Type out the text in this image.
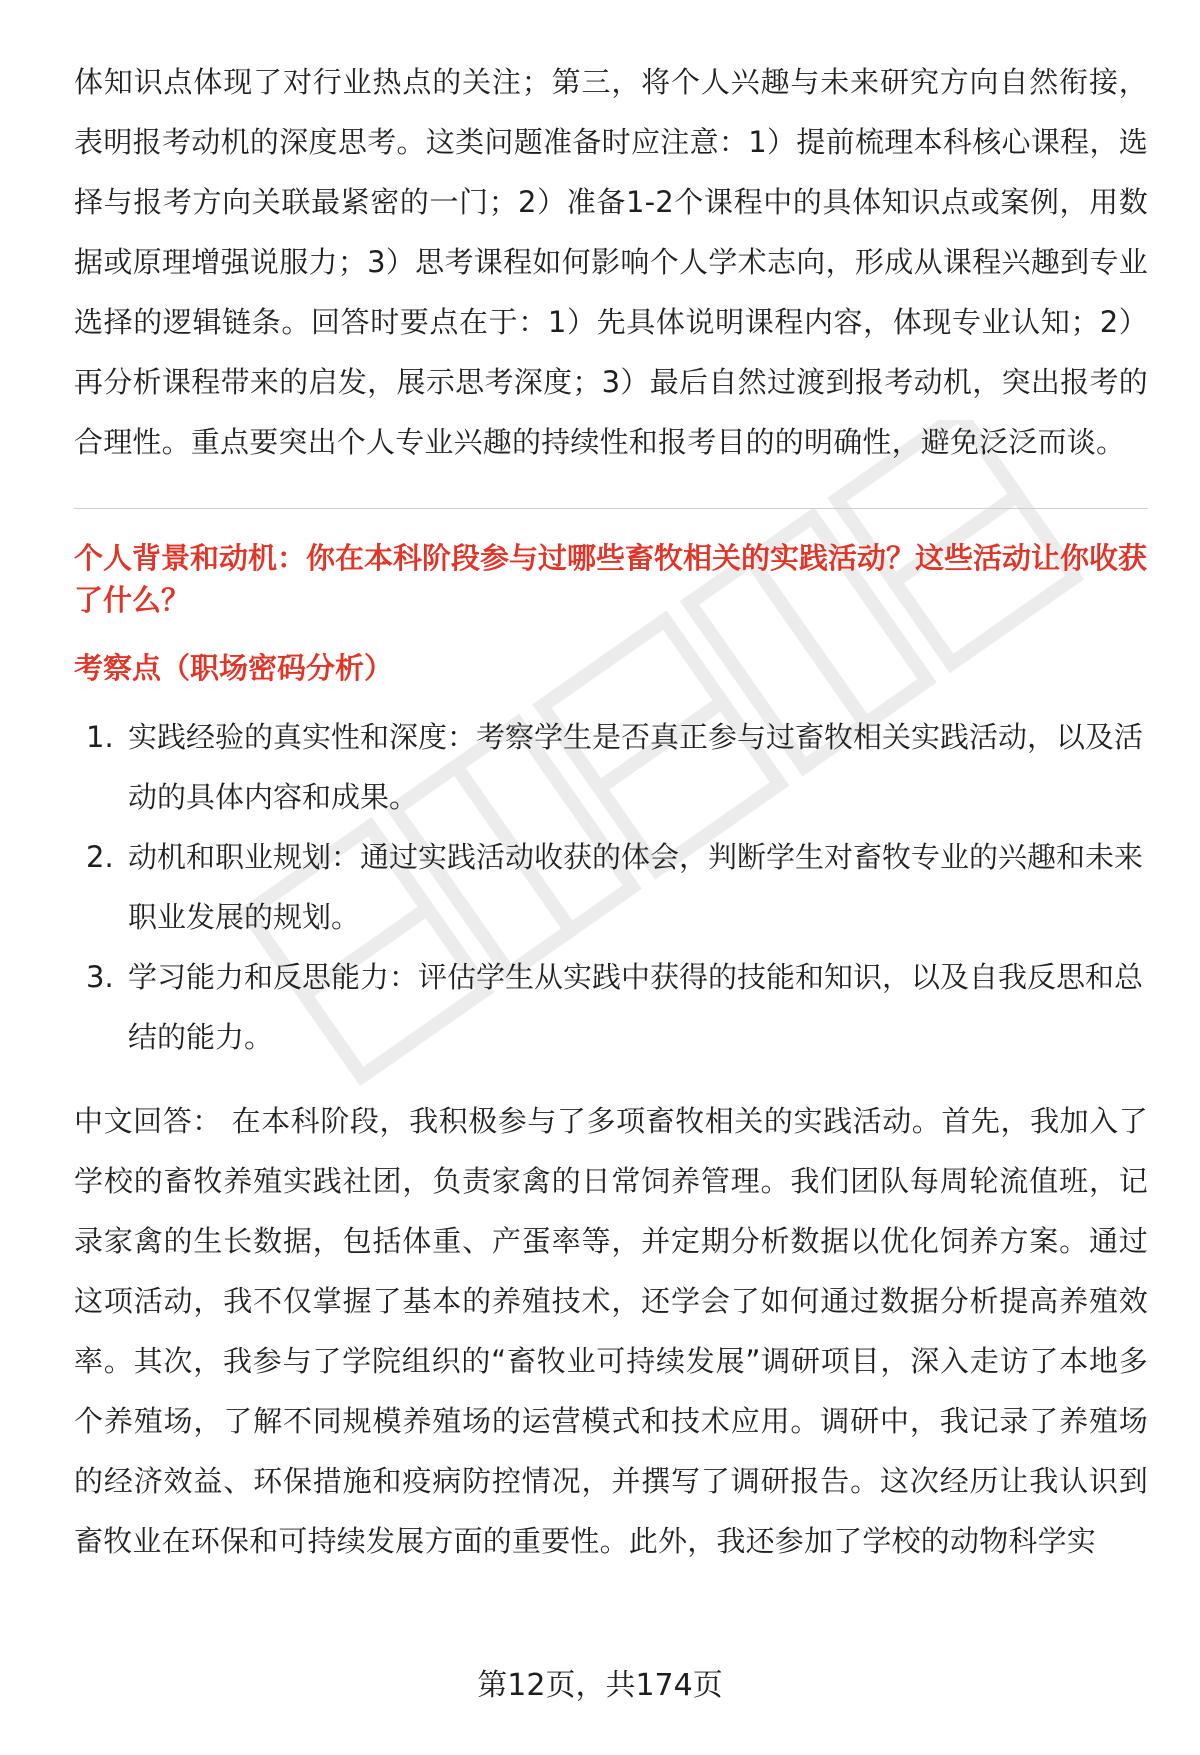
体知识点体现了对行业热点的关注；第三，将个人兴趣与未来研究方向自然衔接，表明报考动机的深度思考。这类问题准备时应注意：1）提前梳理本科核心课程，选择与报考方向关联最紧密的一门；2）准备1-2个课程中的具体知识点或案例，用数据或原理增强说服力；3）思考课程如何影响个人学术志向，形成从课程兴趣到专业选择的逻辑链条。回答时要点在于：1）先具体说明课程内容，体现专业认知；2）再分析课程带来的启发，展示思考深度；3）最后自然过渡到报考动机，突出报考的合理性。重点要突出个人专业兴趣的持续性和报考目的的明确性，避免泛泛而谈。

个人背景和动机：你在本科阶段参与过哪些畜牧相关的实践活动？这些活动让你收获了什么？

考察点（职场密码分析）

1. 实践经验的真实性和深度：考察学生是否真正参与过畜牧相关实践活动，以及活动的具体内容和成果。
2. 动机和职业规划：通过实践活动收获的体会，判断学生对畜牧专业的兴趣和未来职业发展的规划。
3. 学习能力和反思能力：评估学生从实践中获得的技能和知识，以及自我反思和总结的能力。

中文回答： 在本科阶段，我积极参与了多项畜牧相关的实践活动。首先，我加入了学校的畜牧养殖实践社团，负责家禽的日常饲养管理。我们团队每周轮流值班，记录家禽的生长数据，包括体重、产蛋率等，并定期分析数据以优化饲养方案。通过这项活动，我不仅掌握了基本的养殖技术，还学会了如何通过数据分析提高养殖效率。其次，我参与了学院组织的“畜牧业可持续发展”调研项目，深入走访了本地多个养殖场，了解不同规模养殖场的运营模式和技术应用。调研中，我记录了养殖场的经济效益、环保措施和疫病防控情况，并撰写了调研报告。这次经历让我认识到畜牧业在环保和可持续发展方面的重要性。此外，我还参加了学校的动物科学实

第12页，共174页
